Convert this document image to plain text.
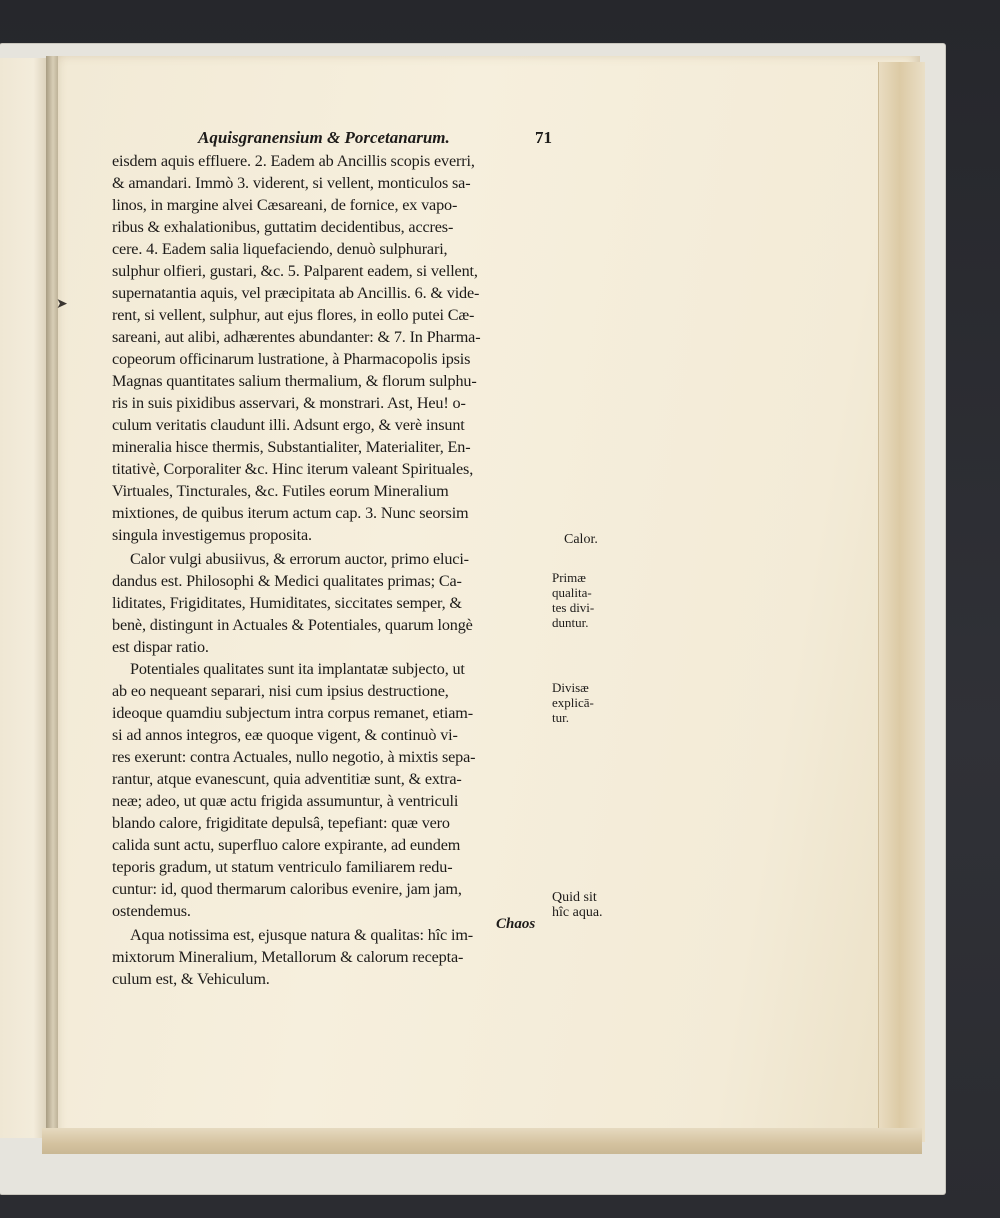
➤
Aquisgranensium & Porcetanarum.	71
eisdem aquis effluere. 2. Eadem ab Ancillis scopis everri,
& amandari. Immò 3. viderent, si vellent, monticulos sa-
linos, in margine alvei Cæsareani, de fornice, ex vapo-
ribus & exhalationibus, guttatim decidentibus, accres-
cere. 4. Eadem salia liquefaciendo, denuò sulphurari,
sulphur olfieri, gustari, &c. 5. Palparent eadem, si vellent,
supernatantia aquis, vel præcipitata ab Ancillis. 6. & vide-
rent, si vellent, sulphur, aut ejus flores, in eollo putei Cæ-
sareani, aut alibi, adhærentes abundanter: & 7. In Pharma-
copeorum officinarum lustratione, à Pharmacopolis ipsis
Magnas quantitates salium thermalium, & florum sulphu-
ris in suis pixidibus asservari, & monstrari. Ast, Heu! o-
culum veritatis claudunt illi. Adsunt ergo, & verè insunt
mineralia hisce thermis, Substantialiter, Materialiter, En-
titativè, Corporaliter &c. Hinc iterum valeant Spirituales,
Virtuales, Tincturales, &c. Futiles eorum Mineralium
mixtiones, de quibus iterum actum cap. 3. Nunc seorsim
singula investigemus proposita.
Calor vulgi abusiivus, & errorum auctor, primo eluci-
dandus est. Philosophi & Medici qualitates primas; Ca-
liditates, Frigiditates, Humiditates, siccitates semper, &
benè, distingunt in Actuales & Potentiales, quarum longè
est dispar ratio.
Potentiales qualitates sunt ita implantatæ subjecto, ut
ab eo nequeant separari, nisi cum ipsius destructione,
ideoque quamdiu subjectum intra corpus remanet, etiam-
si ad annos integros, eæ quoque vigent, & continuò vi-
res exerunt: contra Actuales, nullo negotio, à mixtis sepa-
rantur, atque evanescunt, quia adventitiæ sunt, & extra-
neæ; adeo, ut quæ actu frigida assumuntur, à ventriculi
blando calore, frigiditate depulsâ, tepefiant: quæ vero
calida sunt actu, superfluo calore expirante, ad eundem
teporis gradum, ut statum ventriculo familiarem redu-
cuntur: id, quod thermarum caloribus evenire, jam jam,
ostendemus.
Aqua notissima est, ejusque natura & qualitas: hîc im-
mixtorum Mineralium, Metallorum & calorum recepta-
culum est, & Vehiculum.
Chaos
Calor.
Primæ
qualita-
tes divi-
duntur.
Divisæ
explicā-
tur.
Quid sit
hîc aqua.
